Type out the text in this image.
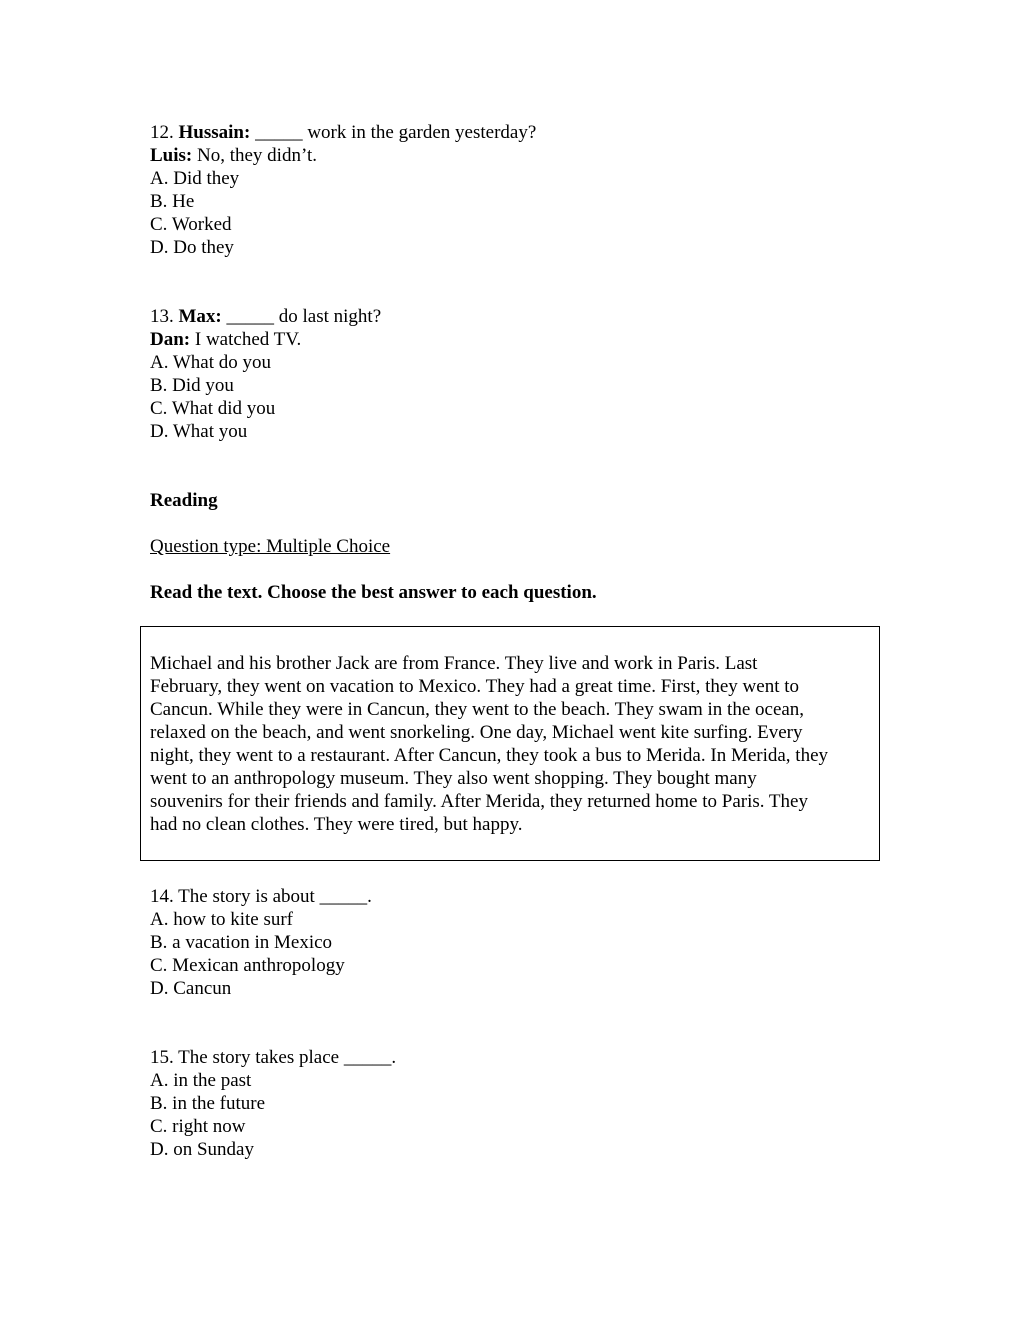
12. Hussain: _____ work in the garden yesterday?
Luis: No, they didn’t.
A. Did they
B. He
C. Worked
D. Do they
13. Max: _____ do last night?
Dan: I watched TV.
A. What do you
B. Did you
C. What did you
D. What you
Reading
Question type: Multiple Choice
Read the text. Choose the best answer to each question.
Michael and his brother Jack are from France. They live and work in Paris. Last
February, they went on vacation to Mexico. They had a great time. First, they went to
Cancun. While they were in Cancun, they went to the beach. They swam in the ocean,
relaxed on the beach, and went snorkeling. One day, Michael went kite surfing. Every
night, they went to a restaurant. After Cancun, they took a bus to Merida. In Merida, they
went to an anthropology museum. They also went shopping. They bought many
souvenirs for their friends and family. After Merida, they returned home to Paris. They
had no clean clothes. They were tired, but happy.
14. The story is about _____.
A. how to kite surf
B. a vacation in Mexico
C. Mexican anthropology
D. Cancun
15. The story takes place _____.
A. in the past
B. in the future
C. right now
D. on Sunday
